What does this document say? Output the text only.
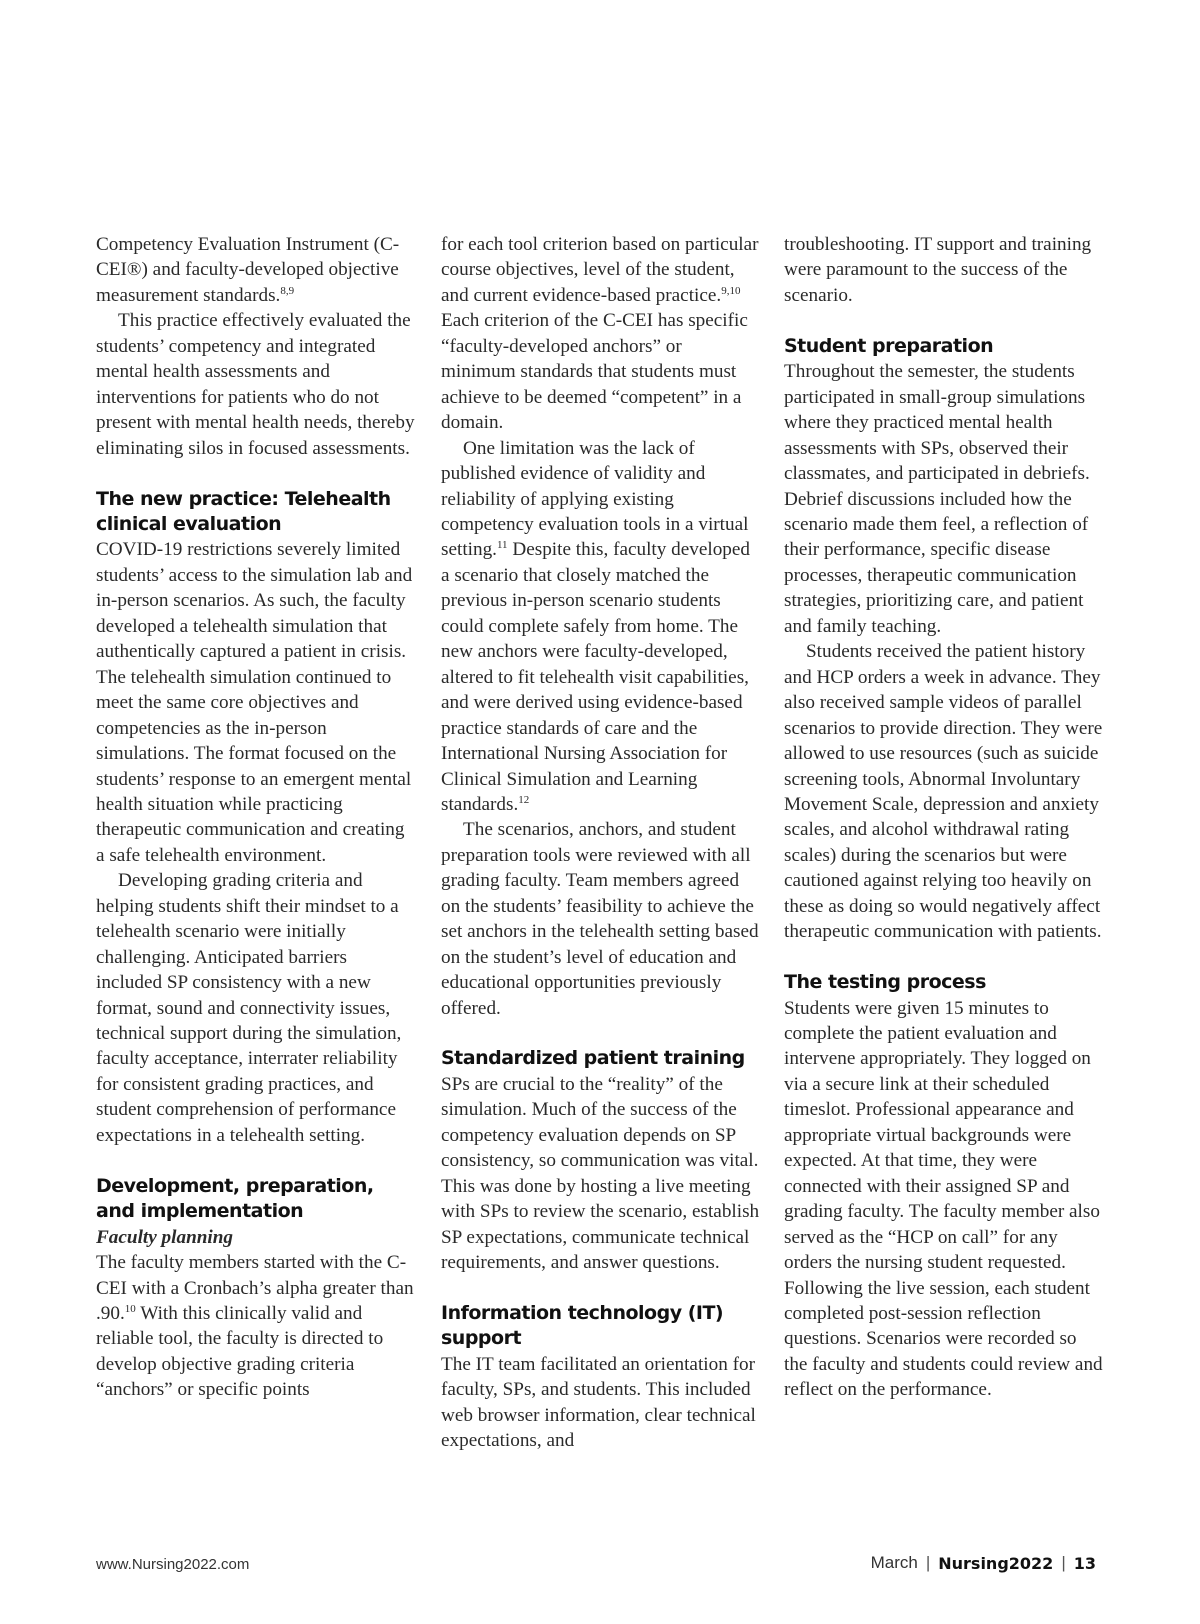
Competency Evaluation Instrument (C-CEI®) and faculty-developed objective measurement standards.$^{8,9}$

This practice effectively evaluated the students’ competency and integrated mental health assessments and interventions for patients who do not present with mental health needs, thereby eliminating silos in focused assessments.

The new practice: Telehealth clinical evaluation

COVID-19 restrictions severely limited students’ access to the simulation lab and in-person scenarios. As such, the faculty developed a telehealth simulation that authentically captured a patient in crisis. The telehealth simulation continued to meet the same core objectives and competencies as the in-person simulations. The format focused on the students’ response to an emergent mental health situation while practicing therapeutic communication and creating a safe telehealth environment.

Developing grading criteria and helping students shift their mindset to a telehealth scenario were initially challenging. Anticipated barriers included SP consistency with a new format, sound and connectivity issues, technical support during the simulation, faculty acceptance, interrater reliability for consistent grading practices, and student comprehension of performance expectations in a telehealth setting.

Development, preparation, and implementation
Faculty planning

The faculty members started with the C-CEI with a Cronbach’s alpha greater than .90.10 With this clinically valid and reliable tool, the faculty is directed to develop objective grading criteria “anchors” or specific points

for each tool criterion based on particular course objectives, level of the student, and current evidence-based practice.$^{9,10}$ Each criterion of the C-CEI has specific “faculty-developed anchors” or minimum standards that students must achieve to be deemed “competent” in a domain.

One limitation was the lack of published evidence of validity and reliability of applying existing competency evaluation tools in a virtual setting.$^{11}$ Despite this, faculty developed a scenario that closely matched the previous in-person scenario students could complete safely from home. The new anchors were faculty-developed, altered to fit telehealth visit capabilities, and were derived using evidence-based practice standards of care and the International Nursing Association for Clinical Simulation and Learning standards.$^{12}$

The scenarios, anchors, and student preparation tools were reviewed with all grading faculty. Team members agreed on the students’ feasibility to achieve the set anchors in the telehealth setting based on the student’s level of education and educational opportunities previously offered.

Standardized patient training

SPs are crucial to the “reality” of the simulation. Much of the success of the competency evaluation depends on SP consistency, so communication was vital. This was done by hosting a live meeting with SPs to review the scenario, establish SP expectations, communicate technical requirements, and answer questions.

Information technology (IT) support

The IT team facilitated an orientation for faculty, SPs, and students. This included web browser information, clear technical expectations, and

troubleshooting. IT support and training were paramount to the success of the scenario.

Student preparation

Throughout the semester, the students participated in small-group simulations where they practiced mental health assessments with SPs, observed their classmates, and participated in debriefs. Debrief discussions included how the scenario made them feel, a reflection of their performance, specific disease processes, therapeutic communication strategies, prioritizing care, and patient and family teaching.

Students received the patient history and HCP orders a week in advance. They also received sample videos of parallel scenarios to provide direction. They were allowed to use resources (such as suicide screening tools, Abnormal Involuntary Movement Scale, depression and anxiety scales, and alcohol withdrawal rating scales) during the scenarios but were cautioned against relying too heavily on these as doing so would negatively affect therapeutic communication with patients.

The testing process

Students were given 15 minutes to complete the patient evaluation and intervene appropriately. They logged on via a secure link at their scheduled timeslot. Professional appearance and appropriate virtual backgrounds were expected. At that time, they were connected with their assigned SP and grading faculty. The faculty member also served as the “HCP on call” for any orders the nursing student requested. Following the live session, each student completed post-session reflection questions. Scenarios were recorded so the faculty and students could review and reflect on the performance.

www.Nursing2022.com	March | Nursing2022 | 13
